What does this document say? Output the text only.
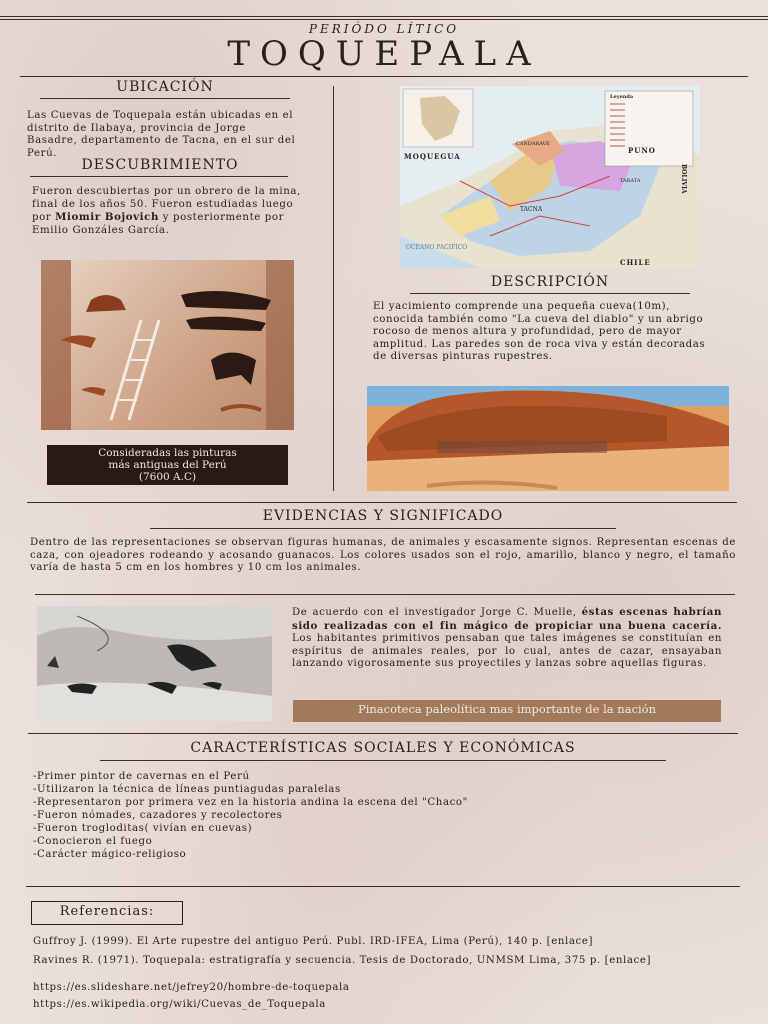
PERIÓDO LÍTICO
TOQUEPALA
UBICACIÓN

Las Cuevas de Toquepala están ubicadas en el distrito de Ilabaya, provincia de Jorge Basadre, departamento de Tacna, en el sur del Perú.

DESCUBRIMIENTO

Fueron descubiertas por un obrero de la mina, final de los años 50. Fueron estudiadas luego por Miomir Bojovich y posteriormente por Emilio Gonzáles García.

Consideradas las pinturas
más antiguas del Perú
(7600 A.C)
MOQUEGUA
PUNO
BOLIVIA
CHILE
TACNA
CANDARAVE
TARATA
OCEANO PACIFICO
Leyenda
DESCRIPCIÓN

El yacimiento comprende una pequeña cueva(10m), conocida también como "La cueva del diablo" y un abrigo rocoso de menos altura y profundidad, pero de mayor amplitud. Las paredes son de roca viva y están decoradas de diversas pinturas rupestres.

EVIDENCIAS Y SIGNIFICADO

Dentro de las representaciones se observan figuras humanas, de animales y escasamente signos. Representan escenas de caza, con ojeadores rodeando y acosando guanacos. Los colores usados son el rojo, amarillo, blanco y negro, el tamaño varía de hasta 5 cm en los hombres y 10 cm los animales.

De acuerdo con el investigador Jorge C. Muelle, éstas escenas habrían sido realizadas con el fin mágico de propiciar una buena cacería. Los habitantes primitivos pensaban que tales imágenes se constituían en espíritus de animales reales, por lo cual, antes de cazar, ensayaban lanzando vigorosamente sus proyectiles y lanzas sobre aquellas figuras.

Pinacoteca paleolítica mas importante de la nación
CARACTERÍSTICAS SOCIALES Y ECONÓMICAS
-Primer pintor de cavernas en el Perú
-Utilizaron la técnica de líneas puntiagudas paralelas
-Representaron por primera vez en la historia andina la escena del "Chaco"
-Fueron nómades, cazadores y recolectores
-Fueron trogloditas( vivían en cuevas)
-Conocieron el fuego
-Carácter mágico-religioso
Referencias:

Guffroy J. (1999). El Arte rupestre del antiguo Perú. Publ. IRD-IFEA, Lima (Perú), 140 p. [enlace]

Ravines R. (1971). Toquepala: estratigrafía y secuencia. Tesis de Doctorado, UNMSM Lima, 375 p. [enlace]

https://es.slideshare.net/jefrey20/hombre-de-toquepala

https://es.wikipedia.org/wiki/Cuevas_de_Toquepala
